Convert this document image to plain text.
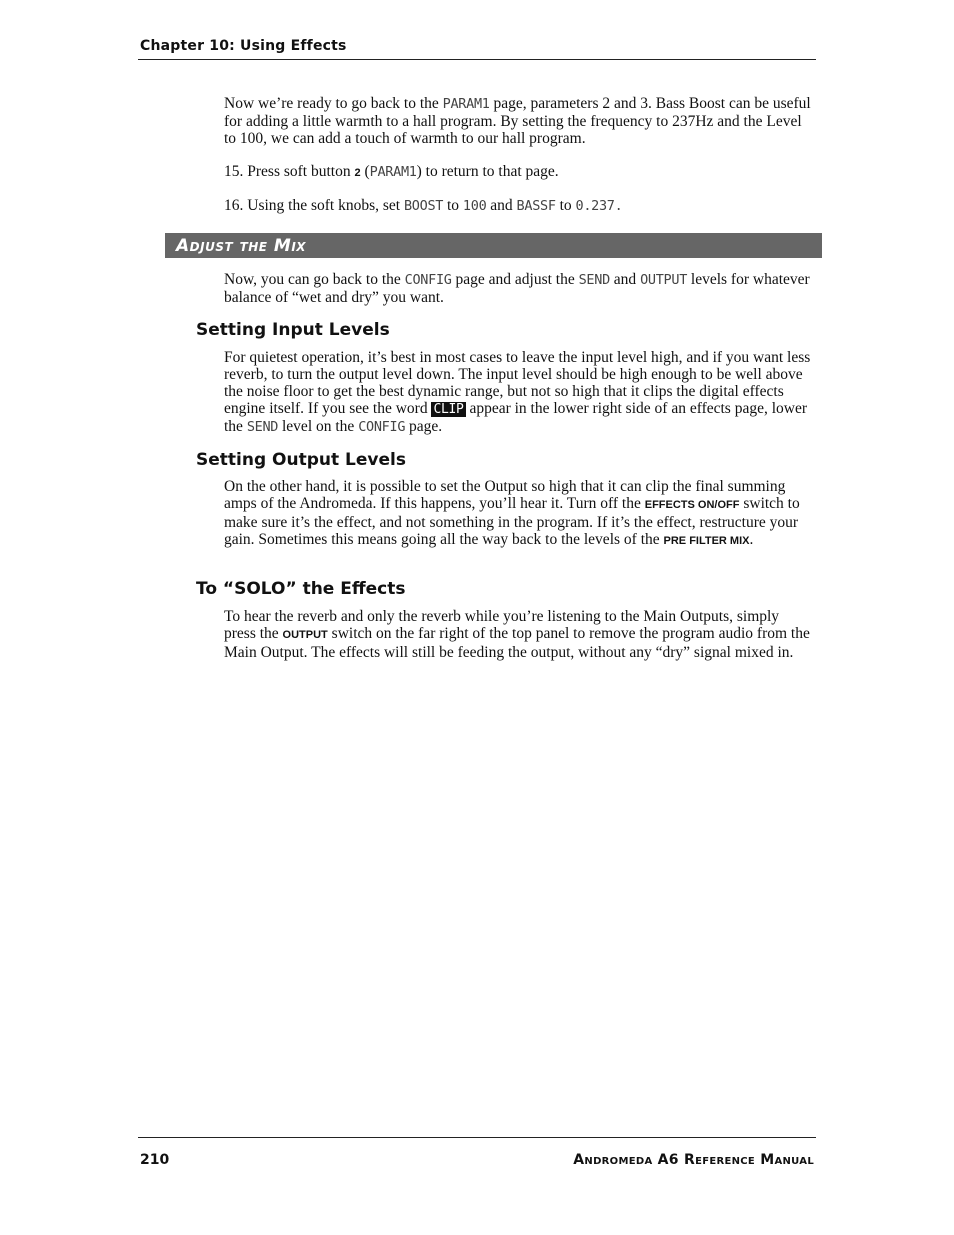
Chapter 10: Using Effects
Now we’re ready to go back to the PARAM1 page, parameters 2 and 3. Bass Boost can be useful for adding a little warmth to a hall program. By setting the frequency to 237Hz and the Level to 100, we can add a touch of warmth to our hall program.
15. Press soft button 2 (PARAM1) to return to that page.
16. Using the soft knobs, set BOOST to 100 and BASSF to 0.237.
Adjust the Mix
Now, you can go back to the CONFIG page and adjust the SEND and OUTPUT levels for whatever balance of “wet and dry” you want.
Setting Input Levels
For quietest operation, it’s best in most cases to leave the input level high, and if you want less reverb, to turn the output level down. The input level should be high enough to be well above the noise floor to get the best dynamic range, but not so high that it clips the digital effects engine itself. If you see the word CLIP appear in the lower right side of an effects page, lower the SEND level on the CONFIG page.
Setting Output Levels
On the other hand, it is possible to set the Output so high that it can clip the final summing amps of the Andromeda. If this happens, you’ll hear it. Turn off the EFFECTS ON/OFF switch to make sure it’s the effect, and not something in the program. If it’s the effect, restructure your gain. Sometimes this means going all the way back to the levels of the PRE FILTER MIX.
To “SOLO” the Effects
To hear the reverb and only the reverb while you’re listening to the Main Outputs, simply press the OUTPUT switch on the far right of the top panel to remove the program audio from the Main Output. The effects will still be feeding the output, without any “dry” signal mixed in.
210	Andromeda A6 Reference Manual
